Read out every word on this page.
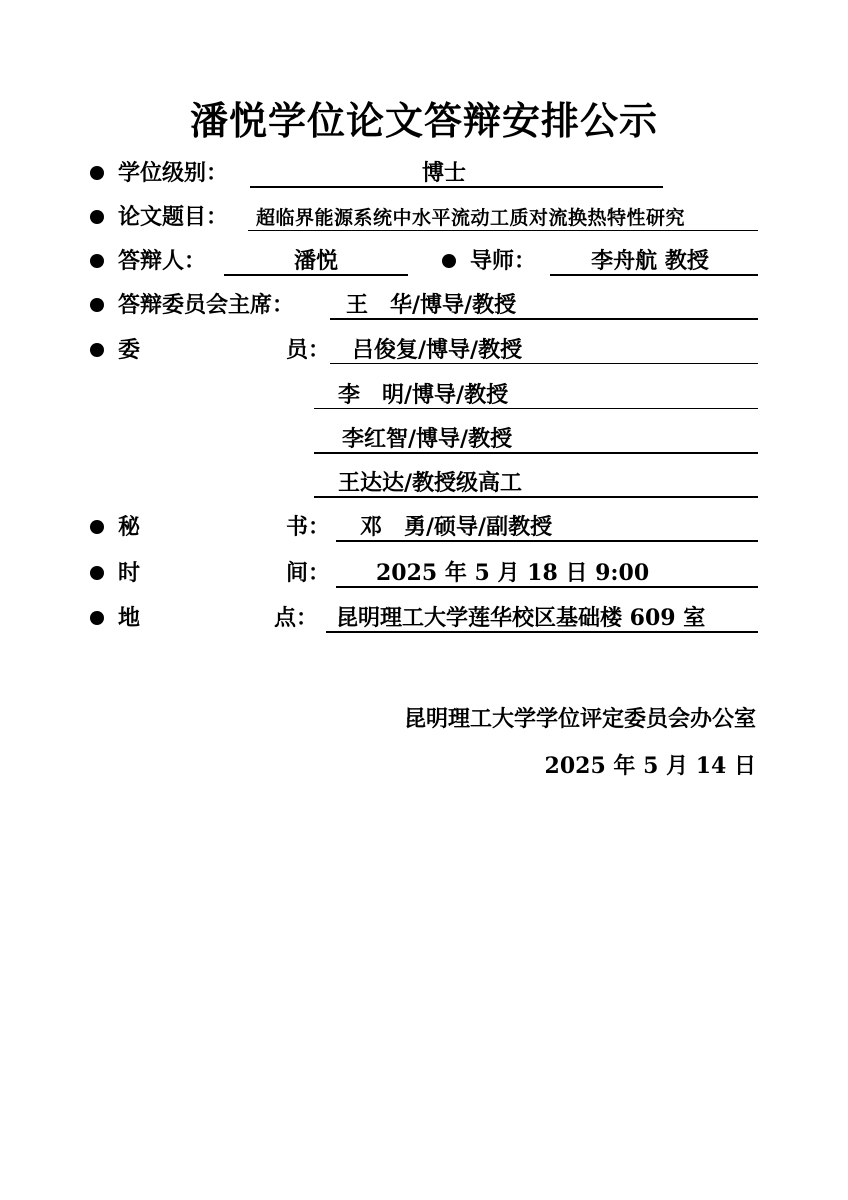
潘悦学位论文答辩安排公示
学位级别：	博士
论文题目： 超临界能源系统中水平流动工质对流换热特性研究
答辩人：	潘悦	导师：	李舟航 教授
答辩委员会主席： 王　华/博导/教授
委	员： 吕俊复/博导/教授
李　明/博导/教授
李红智/博导/教授
王达达/教授级高工
秘	书： 邓　勇/硕导/副教授
时	间： 2025 年 5 月 18 日 9:00
地	点： 昆明理工大学莲华校区基础楼 609 室
昆明理工大学学位评定委员会办公室
2025 年 5 月 14 日
